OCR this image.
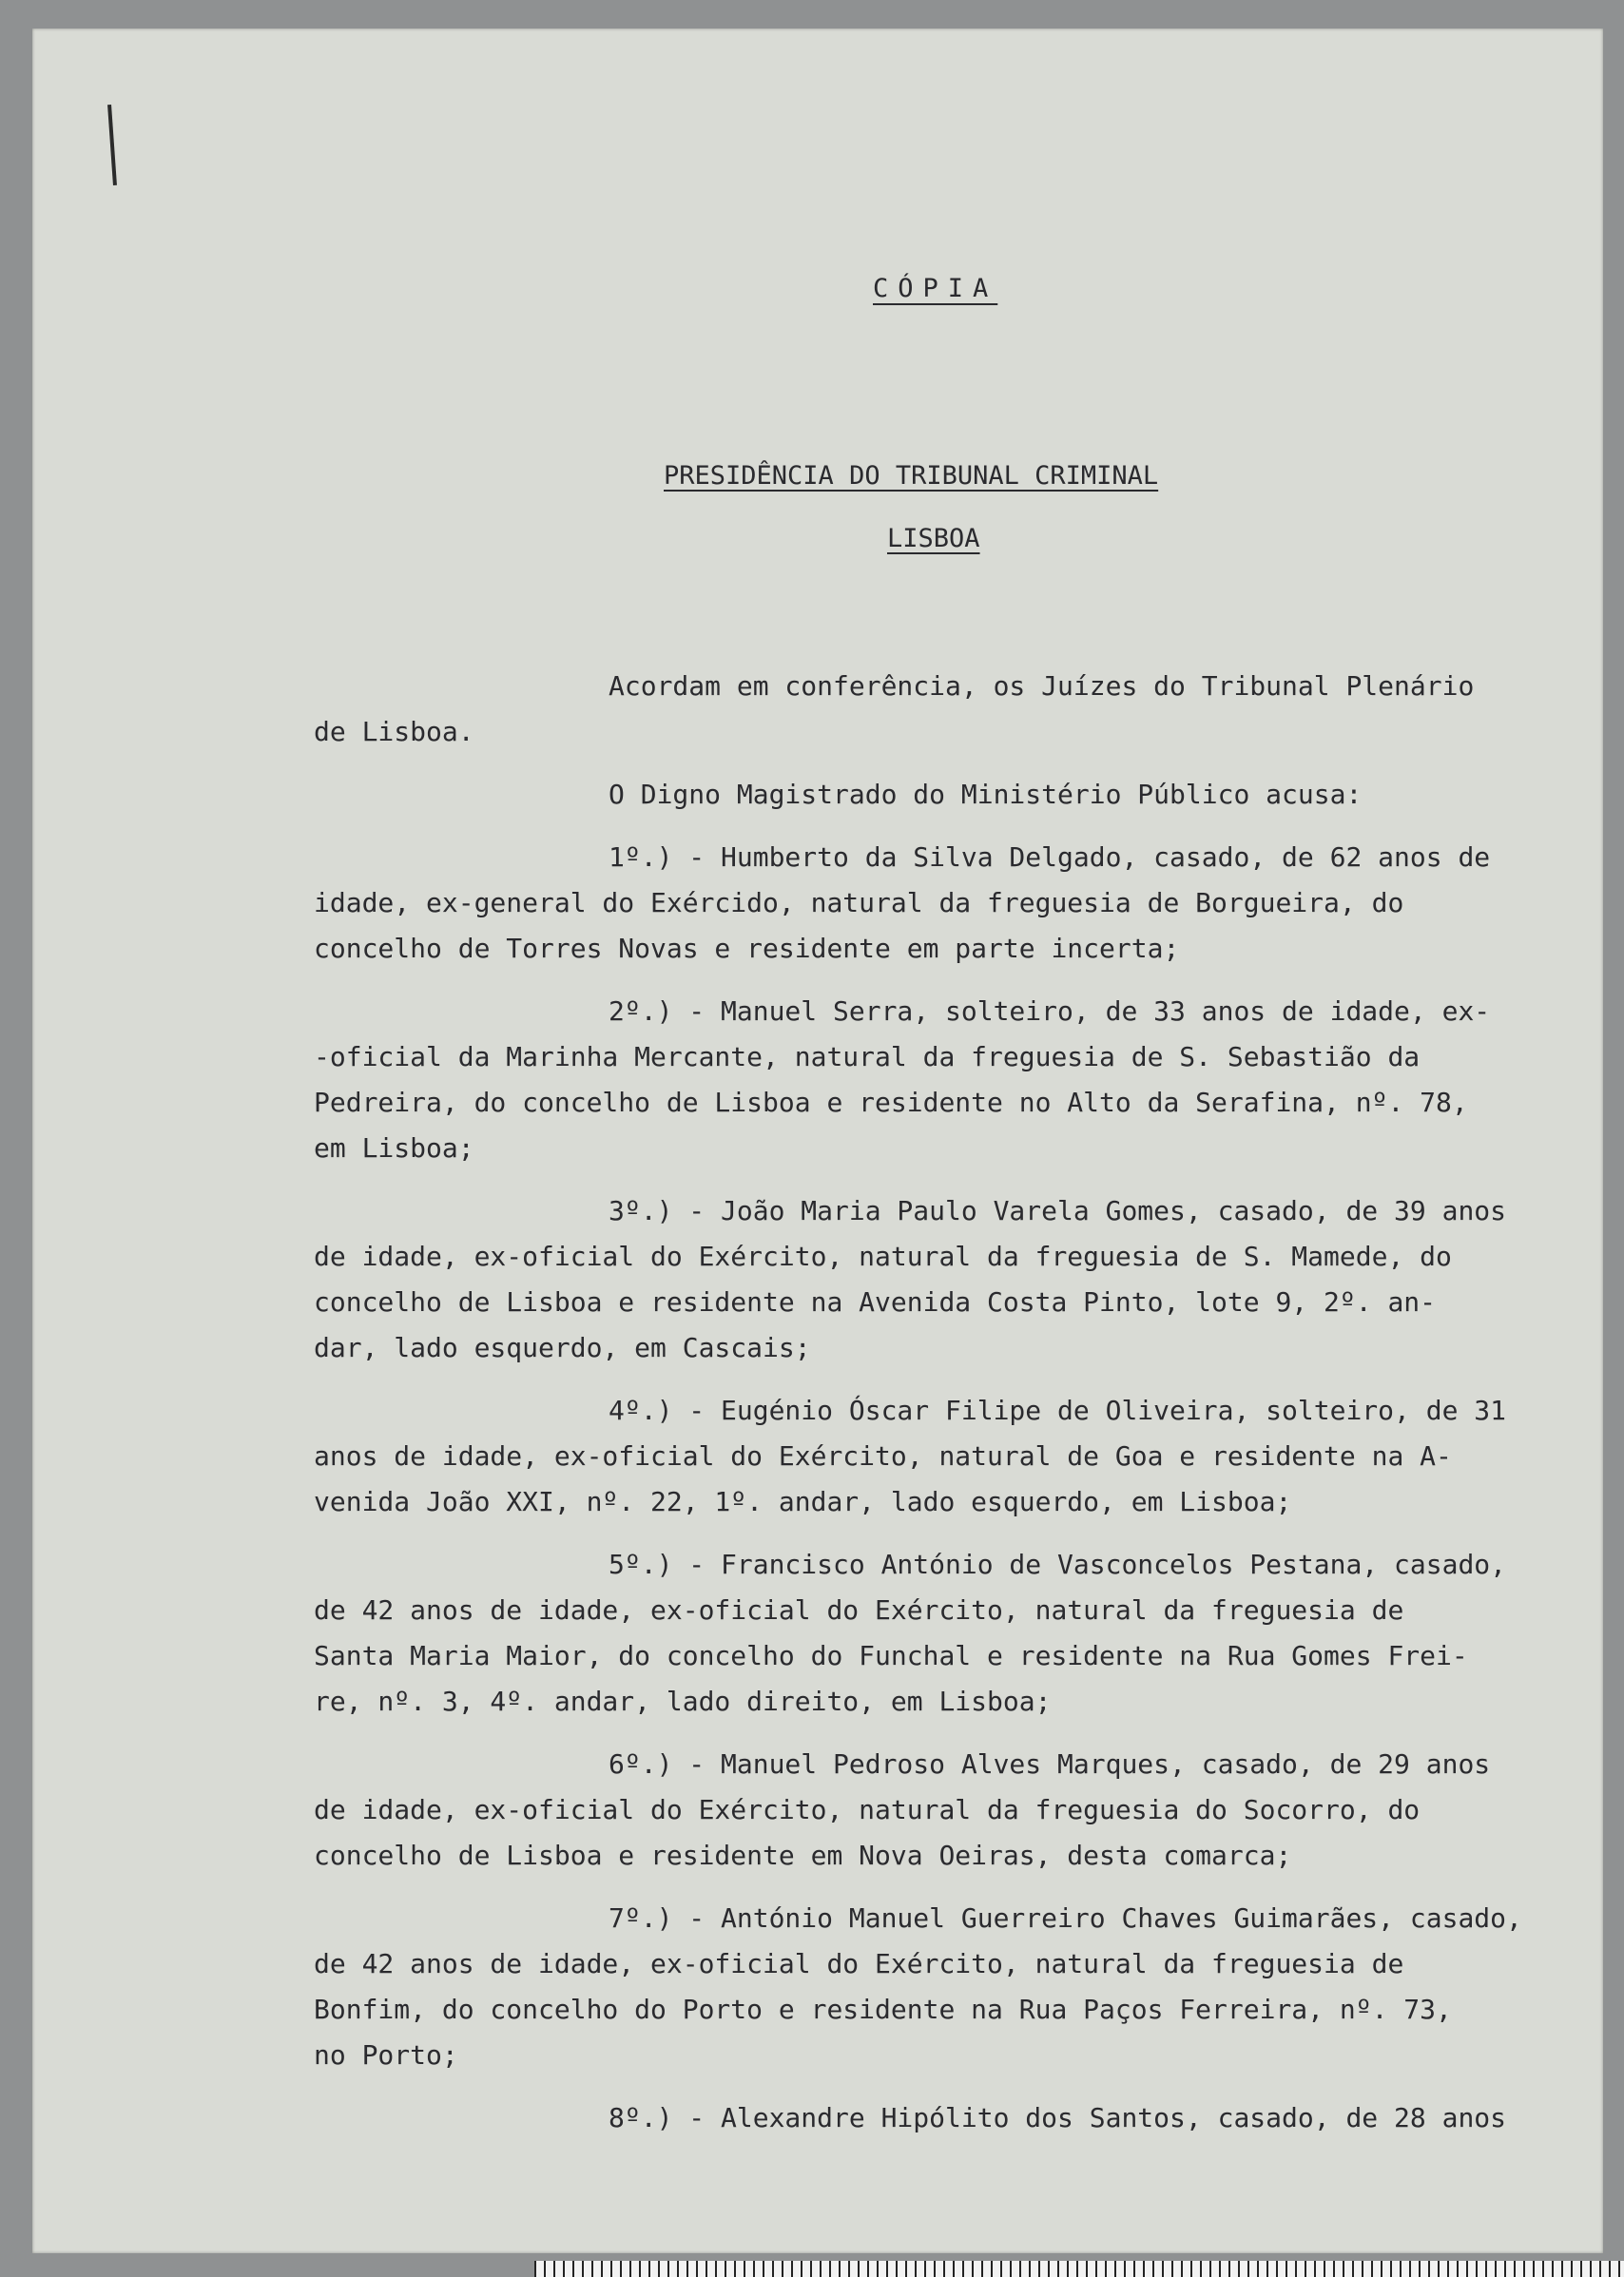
CÓPIA
PRESIDÊNCIA DO TRIBUNAL CRIMINAL
LISBOA
Acordam em conferência, os Juízes do Tribunal Plenário
de Lisboa.
O Digno Magistrado do Ministério Público acusa:
1º.) - Humberto da Silva Delgado, casado, de 62 anos de
idade, ex-general do Exércido, natural da freguesia de Borgueira, do
concelho de Torres Novas e residente em parte incerta;
2º.) - Manuel Serra, solteiro, de 33 anos de idade, ex-
-oficial da Marinha Mercante, natural da freguesia de S. Sebastião da
Pedreira, do concelho de Lisboa e residente no Alto da Serafina, nº. 78,
em Lisboa;
3º.) - João Maria Paulo Varela Gomes, casado, de 39 anos
de idade, ex-oficial do Exército, natural da freguesia de S. Mamede, do
concelho de Lisboa e residente na Avenida Costa Pinto, lote 9, 2º. an-
dar, lado esquerdo, em Cascais;
4º.) - Eugénio Óscar Filipe de Oliveira, solteiro, de 31
anos de idade, ex-oficial do Exército, natural de Goa e residente na A-
venida João XXI, nº. 22, 1º. andar, lado esquerdo, em Lisboa;
5º.) - Francisco António de Vasconcelos Pestana, casado,
de 42 anos de idade, ex-oficial do Exército, natural da freguesia de
Santa Maria Maior, do concelho do Funchal e residente na Rua Gomes Frei-
re, nº. 3, 4º. andar, lado direito, em Lisboa;
6º.) - Manuel Pedroso Alves Marques, casado, de 29 anos
de idade, ex-oficial do Exército, natural da freguesia do Socorro, do
concelho de Lisboa e residente em Nova Oeiras, desta comarca;
7º.) - António Manuel Guerreiro Chaves Guimarães, casado,
de 42 anos de idade, ex-oficial do Exército, natural da freguesia de
Bonfim, do concelho do Porto e residente na Rua Paços Ferreira, nº. 73,
no Porto;
8º.) - Alexandre Hipólito dos Santos, casado, de 28 anos
